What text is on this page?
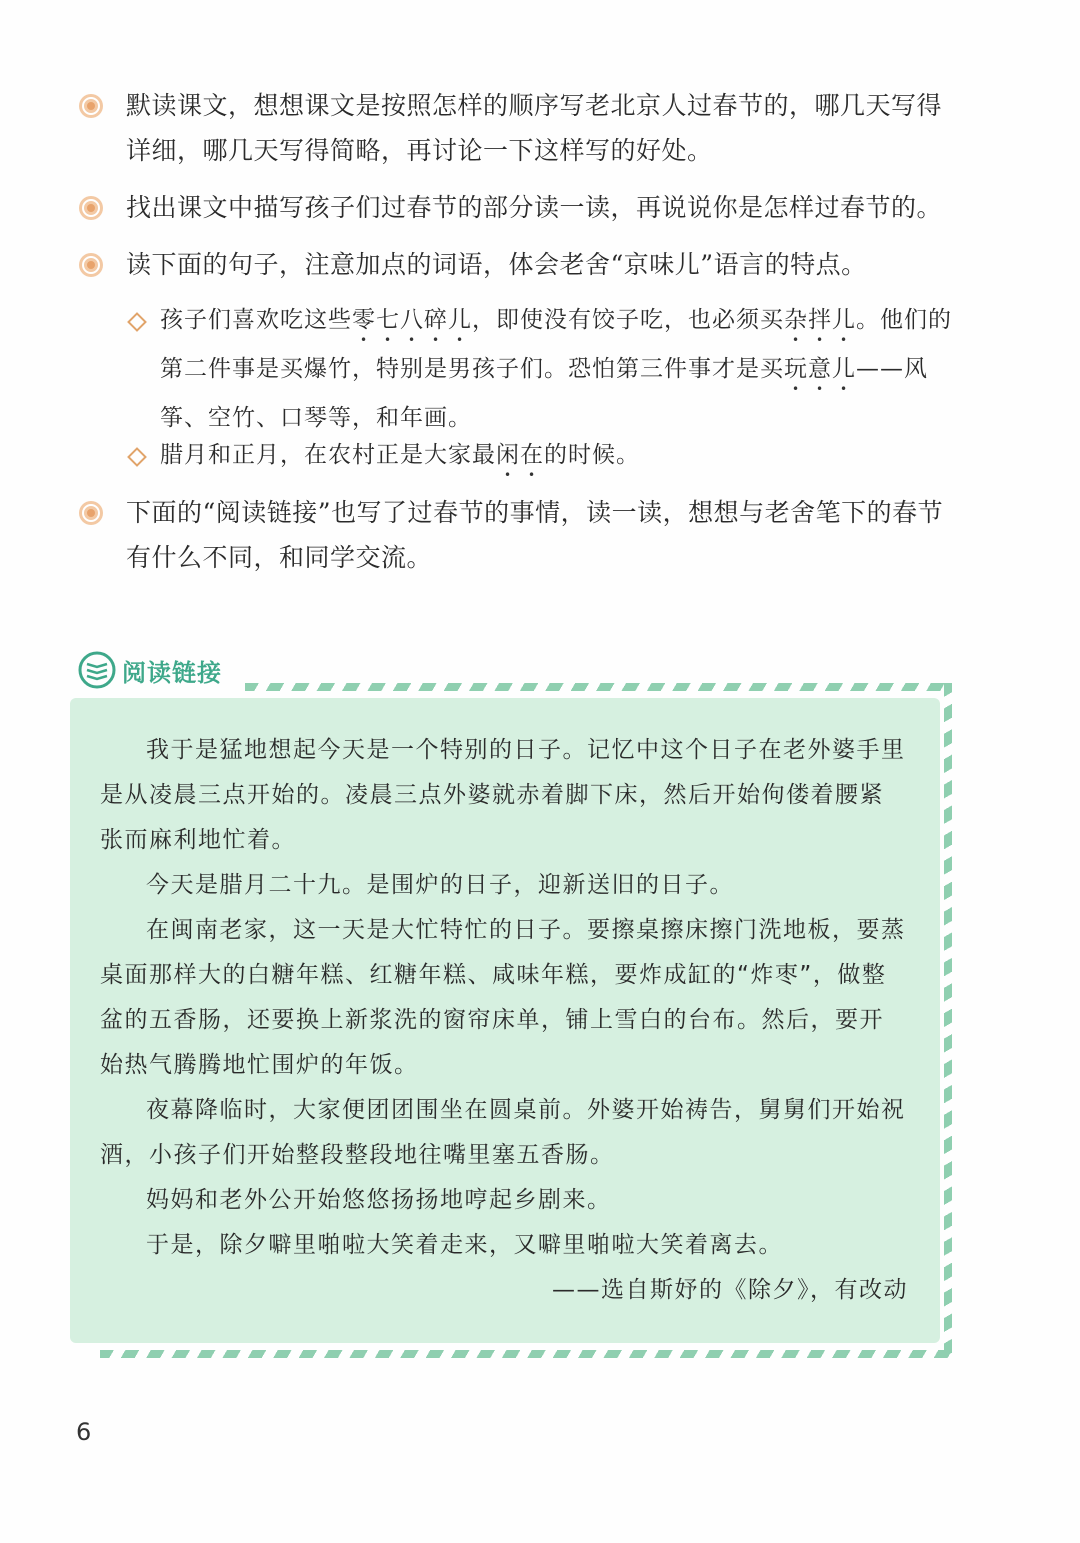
默读课文，想想课文是按照怎样的顺序写老北京人过春节的，哪几天写得详细，哪几天写得简略，再讨论一下这样写的好处。
找出课文中描写孩子们过春节的部分读一读，再说说你是怎样过春节的。
读下面的句子，注意加点的词语，体会老舍“京味儿”语言的特点。
孩子们喜欢吃这些零七八碎儿，即使没有饺子吃，也必须买杂拌儿。他们的第二件事是买爆竹，特别是男孩子们。恐怕第三件事才是买玩意儿——风筝、空竹、口琴等，和年画。
腊月和正月，在农村正是大家最闲在的时候。
下面的“阅读链接”也写了过春节的事情，读一读，想想与老舍笔下的春节有什么不同，和同学交流。
阅读链接

我于是猛地想起今天是一个特别的日子。记忆中这个日子在老外婆手里是从凌晨三点开始的。凌晨三点外婆就赤着脚下床，然后开始佝偻着腰紧张而麻利地忙着。

今天是腊月二十九。是围炉的日子，迎新送旧的日子。

在闽南老家，这一天是大忙特忙的日子。要擦桌擦床擦门洗地板，要蒸桌面那样大的白糖年糕、红糖年糕、咸味年糕，要炸成缸的“炸枣”，做整盆的五香肠，还要换上新浆洗的窗帘床单，铺上雪白的台布。然后，要开始热气腾腾地忙围炉的年饭。

夜幕降临时，大家便团团围坐在圆桌前。外婆开始祷告，舅舅们开始祝酒，小孩子们开始整段整段地往嘴里塞五香肠。

妈妈和老外公开始悠悠扬扬地哼起乡剧来。

于是，除夕噼里啪啦大笑着走来，又噼里啪啦大笑着离去。

——选自斯妤的《除夕》，有改动

6
